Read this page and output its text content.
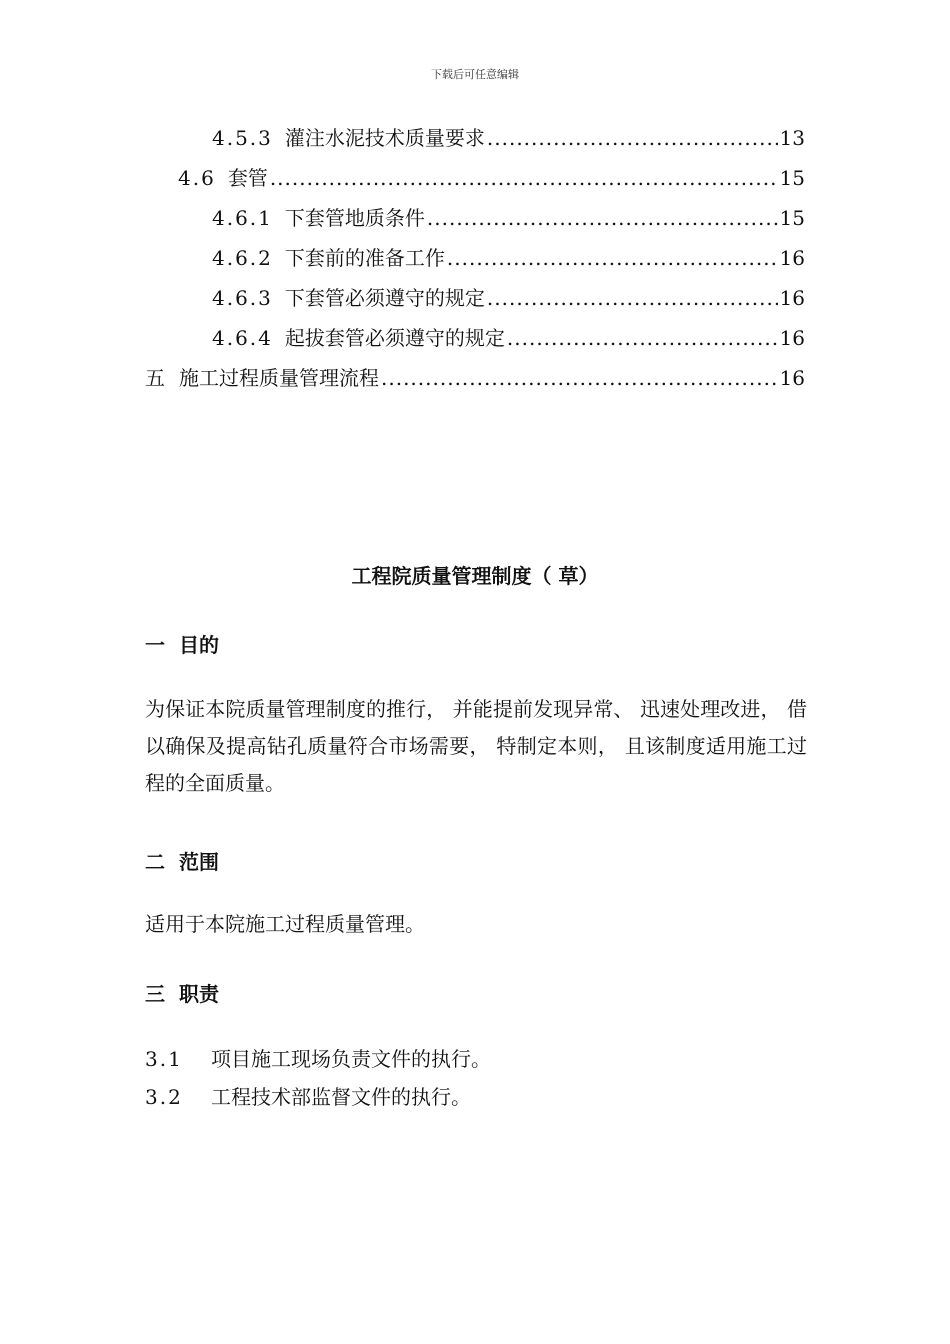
下载后可任意编辑
4.5.3 灌注水泥技术质量要求 .....	13
4.6 套管 .....	15
4.6.1 下套管地质条件 .....	15
4.6.2 下套前的准备工作 .....	16
4.6.3 下套管必须遵守的规定 .....	16
4.6.4 起拔套管必须遵守的规定 .....	16
五 施工过程质量管理流程 .....	16
工程院质量管理制度（ 草）
一 目的
为保证本院质量管理制度的推行， 并能提前发现异常、 迅速处理改进， 借以确保及提高钻孔质量符合市场需要， 特制定本则， 且该制度适用施工过程的全面质量。
二 范围
适用于本院施工过程质量管理。
三 职责
3.1 项目施工现场负责文件的执行。
3.2 工程技术部监督文件的执行。
